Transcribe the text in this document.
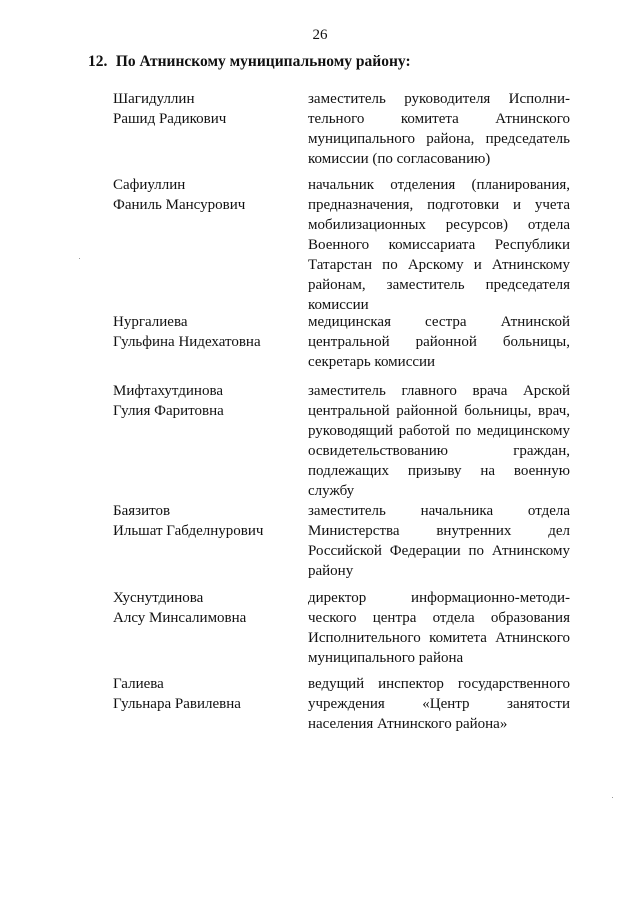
26
12. По Атнинскому муниципальному району:
Шагидуллин
Рашид Радикович
заместитель руководителя Исполнительного комитета Атнинского муниципального района, председатель комиссии (по согласованию)
Сафиуллин
Фаниль Мансурович
начальник отделения (планирования, предназначения, подготовки и учета мобилизационных ресурсов) отдела Военного комиссариата Республики Татарстан по Арскому и Атнинскому районам, заместитель председателя комиссии
Нургалиева
Гульфина Нидехатовна
медицинская сестра Атнинской центральной районной больницы, секретарь комиссии
Мифтахутдинова
Гулия Фаритовна
заместитель главного врача Арской центральной районной больницы, врач, руководящий работой по медицинскому освидетельствованию граждан, подлежащих призыву на военную службу
Баязитов
Ильшат Габделнурович
заместитель начальника отдела Министерства внутренних дел Российской Федерации по Атнинскому району
Хуснутдинова
Алсу Минсалимовна
директор информационно-методического центра отдела образования Исполнительного комитета Атнинского муниципального района
Галиева
Гульнара Равилевна
ведущий инспектор государственного учреждения «Центр занятости населения Атнинского района»
